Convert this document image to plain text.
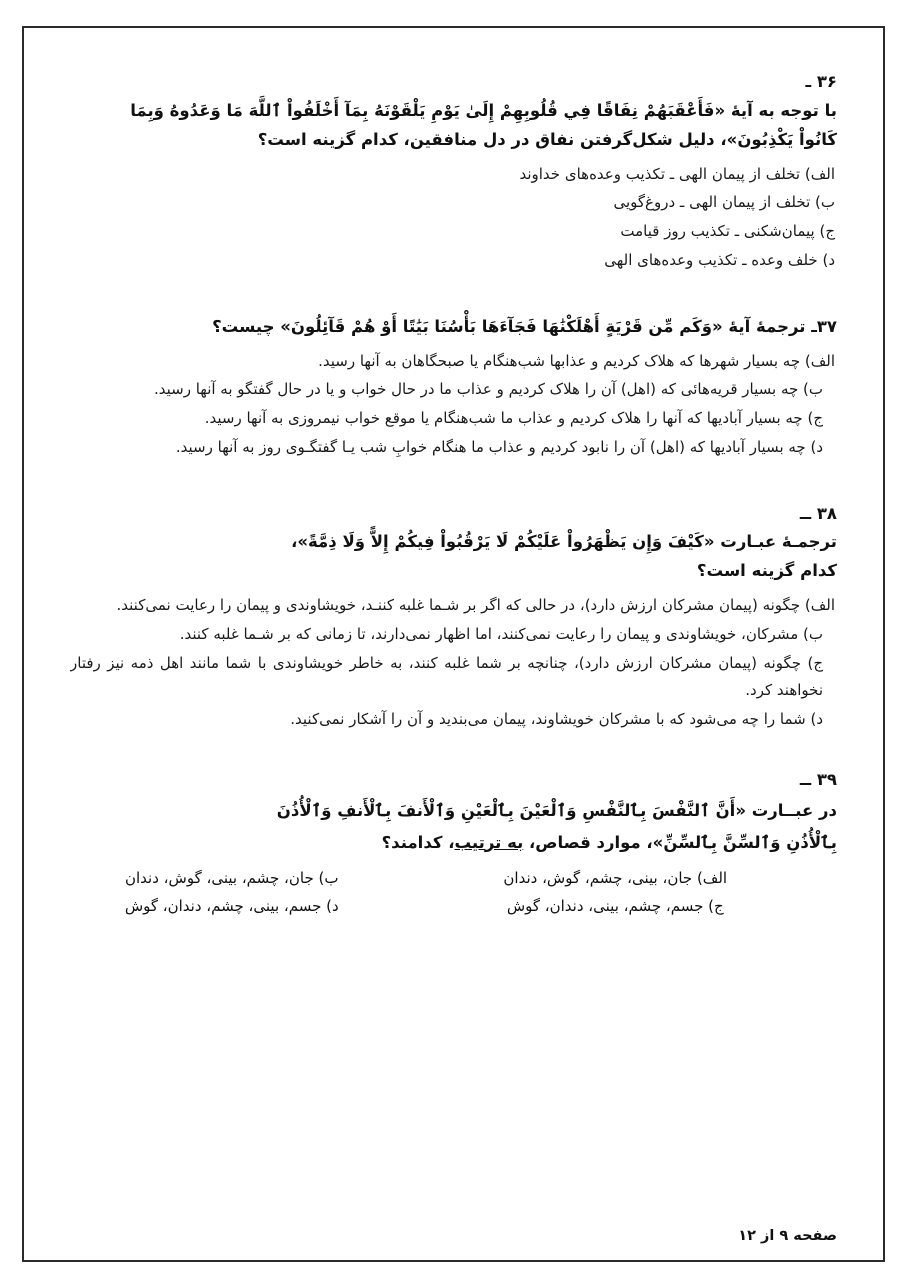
۳۶ ـ
با توجه به آيهٔ «فَأَعْقَبَهُمْ نِفَاقًا فِي قُلُوبِهِمْ إِلَىٰ يَوْمِ يَلْقَوْنَهُ بِمَآ أَخْلَفُواْ ٱللَّهَ مَا وَعَدُوهُ وَبِمَا
كَانُواْ يَكْذِبُونَ»، دليل شكل‌گرفتن نفاق در دل منافقين، كدام گزينه است؟
الف) تخلف از پيمان الهى ـ تكذيب وعده‌هاى خداوند
ب) تخلف از پيمان الهى ـ دروغ‌گويى
ج) پيمان‌شكنى ـ تكذيب روز قيامت
د) خلف وعده ـ تكذيب وعده‌هاى الهى
۳۷ـ ترجمهٔ آيهٔ «وَكَم مِّن قَرْيَةٍ أَهْلَكْنَٰهَا فَجَآءَهَا بَأْسُنَا بَيَٰتًا أَوْ هُمْ قَآئِلُونَ» چيست؟
الف) چه بسيار شهرها كه هلاک كرديم و عذابها شب‌هنگام يا صبحگاهان به آنها رسيد.
ب) چه بسيار قريه‌هائى كه (اهل) آن را هلاک كرديم و عذاب ما در حال خواب و يا در حال گفتگو به آنها رسيد.
ج) چه بسيار آباديها كه آنها را هلاک كرديم و عذاب ما شب‌هنگام يا موقع خواب نيمروزى به آنها رسيد.
د) چه بسيار آباديها كه (اهل) آن را نابود كرديم و عذاب ما هنگام خوابِ شب يـا گفتگـوى روز به آنها رسيد.
۳۸ ــ
ترجمـهٔ عبـارت «كَيْفَ وَإِن يَظْهَرُواْ عَلَيْكُمْ لَا يَرْقُبُواْ فِيكُمْ إِلاًّ وَلَا ذِمَّةً»،
كدام گزينه است؟
الف) چگونه (پيمان مشركان ارزش دارد)، در حالى كه اگر بر شـما غلبه كننـد، خويشاوندى و پيمان را رعايت نمى‌كنند.
ب) مشركان، خويشاوندى و پيمان را رعايت نمى‌كنند، اما اظهار نمى‌دارند، تا زمانى كه بر شـما غلبه كنند.
ج) چگونه (پيمان مشركان ارزش دارد)، چنانچه بر شما غلبه كنند، به خاطر خويشاوندى با شما مانند اهل ذمه نيز رفتار نخواهند كرد.
د) شما را چه مى‌شود كه با مشركان خويشاوند، پيمان مى‌بنديد و آن را آشكار نمى‌كنيد.
۳۹ ــ
در عبــارت «أَنَّ ٱلنَّفْسَ بِٱلنَّفْسِ وَٱلْعَيْنَ بِٱلْعَيْنِ وَٱلْأَنفَ بِٱلْأَنفِ وَٱلْأُذُنَ
بِٱلْأُذُنِ وَٱلسِّنَّ بِٱلسِّنِّ»، موارد قصاص، به ترتيب، كدامند؟
الف) جان، بينى، چشم، گوش، دندان
ب) جان، چشم، بينى، گوش، دندان
ج) جسم، چشم، بينى، دندان، گوش
د) جسم، بينى، چشم، دندان، گوش
صفحه ۹ از ۱۲
